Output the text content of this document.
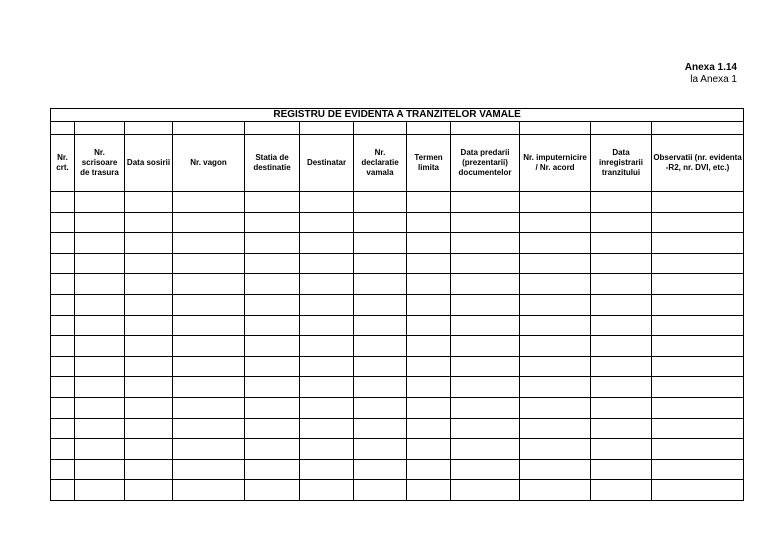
Anexa 1.14
la Anexa 1
REGISTRU DE EVIDENTA A TRANZITELOR VAMALE											

Nr. crt.	Nr. scrisoare de trasura	Data sosirii	Nr. vagon	Statia de destinatie	Destinatar	Nr. declaratie vamala	Termen limita	Data predarii (prezentarii) documentelor	Nr. imputernicire / Nr. acord	Data inregistrarii tranzitului	Observatii (nr. evidenta -R2, nr. DVI, etc.)
